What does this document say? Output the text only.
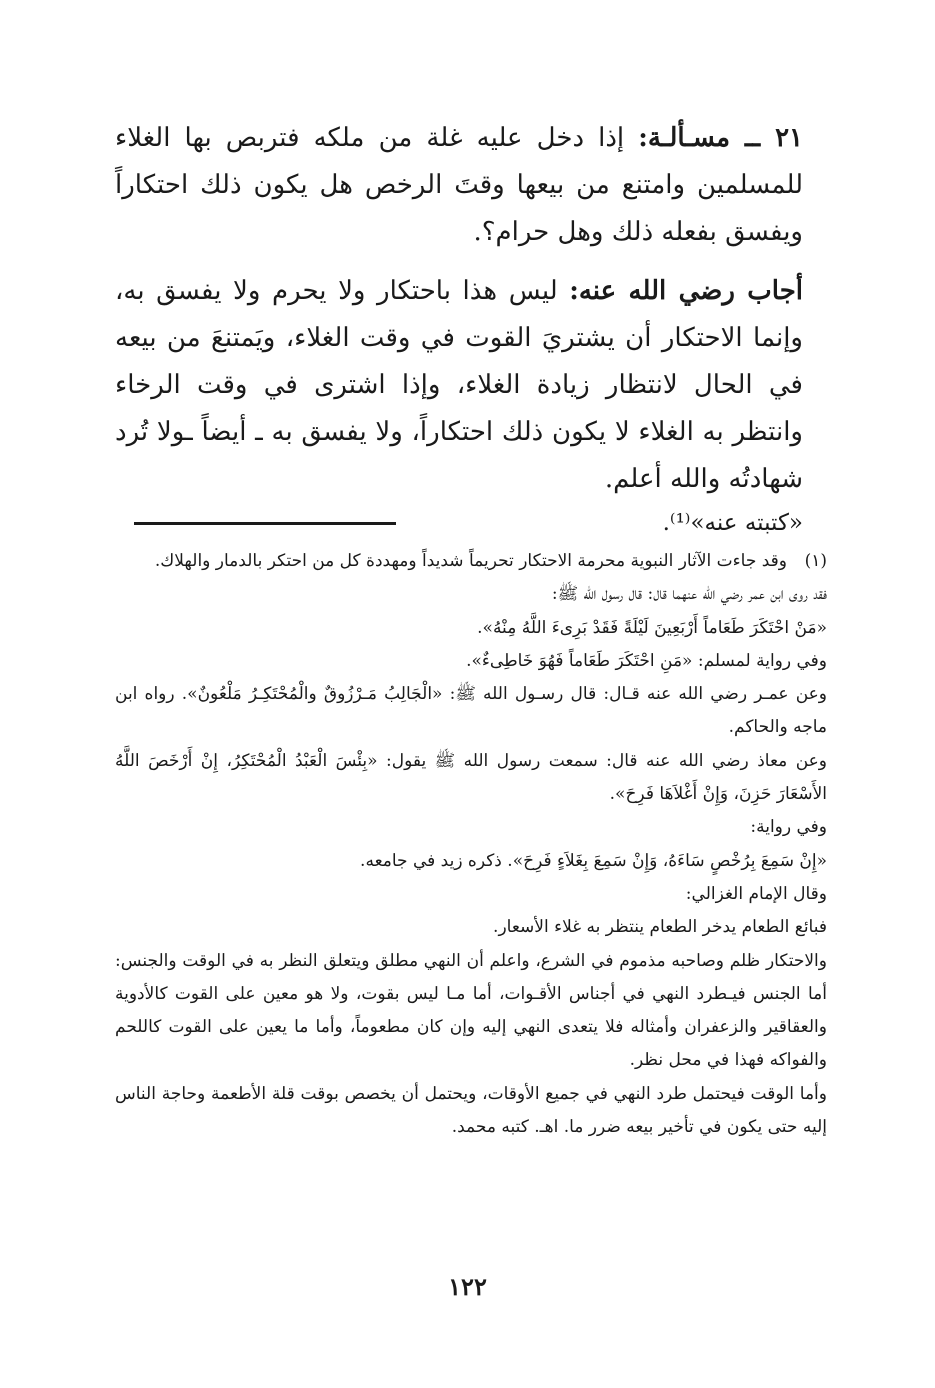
٢١ ــ مسـألـة: إذا دخل عليه غلة من ملكه فتربص بها الغلاء للمسلمين وامتنع من بيعها وقتَ الرخص هل يكون ذلك احتكاراً ويفسق بفعله ذلك وهل حرام؟.

أجاب رضي الله عنه: ليس هذا باحتكار ولا يحرم ولا يفسق به، وإنما الاحتكار أن يشتريَ القوت في وقت الغلاء، ويَمتنعَ من بيعه في الحال لانتظار زيادة الغلاء، وإذا اشترى في وقت الرخاء وانتظر به الغلاء لا يكون ذلك احتكاراً، ولا يفسق به ـ أيضاً ـولا تُرد شهادتُه والله أعلم.

«كتبته عنه»⁽¹⁾.

(١)

وقد جاءت الآثار النبوية محرمة الاحتكار تحريماً شديداً ومهددة كل من احتكر بالدمار والهلاك.

فقد روى ابن عمر رضي الله عنهما قال: قال رسول الله ﷺ:

«مَنْ احْتَكَرَ طَعَاماً أَرْبَعِينَ لَيْلَةً فَقَدْ بَرِىءَ اللَّهُ مِنْهُ».

وفي رواية لمسلم: «مَنِ احْتَكَرَ طَعَاماً فَهُوَ خَاطِىءٌ».

وعن عمـر رضي الله عنه قـال: قال رسـول الله ﷺ: «الْجَالِبُ مَـرْزُوقٌ والْمُحْتَكِـرُ مَلْعُونٌ». رواه ابن ماجه والحاكم.

وعن معاذ رضي الله عنه قال: سمعت رسول الله ﷺ يقول: «بِئْسَ الْعَبْدُ الْمُحْتَكِرُ، إِنْ أَرْخَصَ اللَّهُ الأَسْعَارَ حَزِنَ، وَإِنْ أَغْلاَهَا فَرِحَ».

وفي رواية:

«إِنْ سَمِعَ بِرُخْصٍ سَاءَهُ، وَإِنْ سَمِعَ بِغَلاَءٍ فَرِحَ». ذكره زيد في جامعه.

وقال الإمام الغزالي:

فبائع الطعام يدخر الطعام ينتظر به غلاء الأسعار.

والاحتكار ظلم وصاحبه مذموم في الشرع، واعلم أن النهي مطلق ويتعلق النظر به في الوقت والجنس: أما الجنس فيـطرد النهي في أجناس الأقـوات، أما مـا ليس بقوت، ولا هو معين على القوت كالأدوية والعقاقير والزعفران وأمثاله فلا يتعدى النهي إليه وإن كان مطعوماً، وأما ما يعين على القوت كاللحم والفواكه فهذا في محل نظر.

وأما الوقت فيحتمل طرد النهي في جميع الأوقات، ويحتمل أن يخصص بوقت قلة الأطعمة وحاجة الناس إليه حتى يكون في تأخير بيعه ضرر ما. اهـ. كتبه محمد.

١٢٢
